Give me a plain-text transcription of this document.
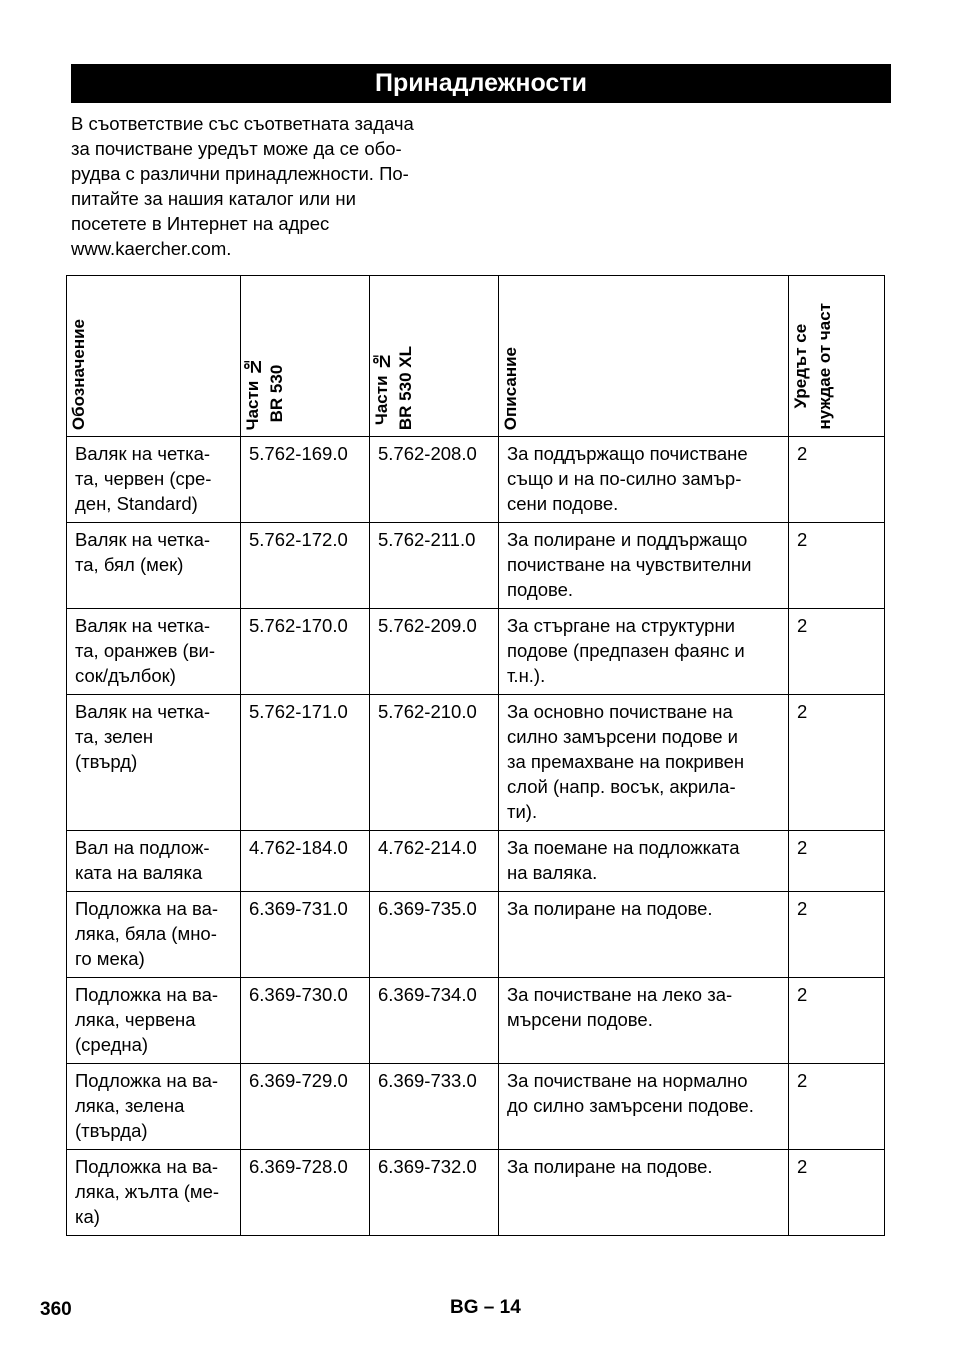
Принадлежности
В съответствие със съответната задача
за почистване уредът може да се обо-
рудва с различни принадлежности. По-
питайте за нашия каталог или ни
посетете в Интернет на адрес
www.kaercher.com.
Обозначение	Части № BR 530	Части № BR 530 XL	Описание	Уредът се нуждае от част

Валяк на четка-
та, червен (сре-
ден, Standard)	5.762-169.0	5.762-208.0	За поддържащо почистване
също и на по-силно замър-
сени подове.	2

Валяк на четка-
та, бял (мек)	5.762-172.0	5.762-211.0	За полиране и поддържащо
почистване на чувствителни
подове.	2

Валяк на четка-
та, оранжев (ви-
сок/дълбок)	5.762-170.0	5.762-209.0	За стъргане на структурни
подове (предпазен фаянс и
т.н.).	2

Валяк на четка-
та, зелен
(твърд)	5.762-171.0	5.762-210.0	За основно почистване на
силно замърсени подове и
за премахване на покривен
слой (напр. восък, акрила-
ти).	2

Вал на подлож-
ката на валяка	4.762-184.0	4.762-214.0	За поемане на подложката
на валяка.	2

Подложка на ва-
ляка, бяла (мно-
го мека)	6.369-731.0	6.369-735.0	За полиране на подове.	2

Подложка на ва-
ляка, червена
(средна)	6.369-730.0	6.369-734.0	За почистване на леко за-
мърсени подове.	2

Подложка на ва-
ляка, зелена
(твърда)	6.369-729.0	6.369-733.0	За почистване на нормално
до силно замърсени подове.	2

Подложка на ва-
ляка, жълта (ме-
ка)	6.369-728.0	6.369-732.0	За полиране на подове.	2
360	BG – 14
